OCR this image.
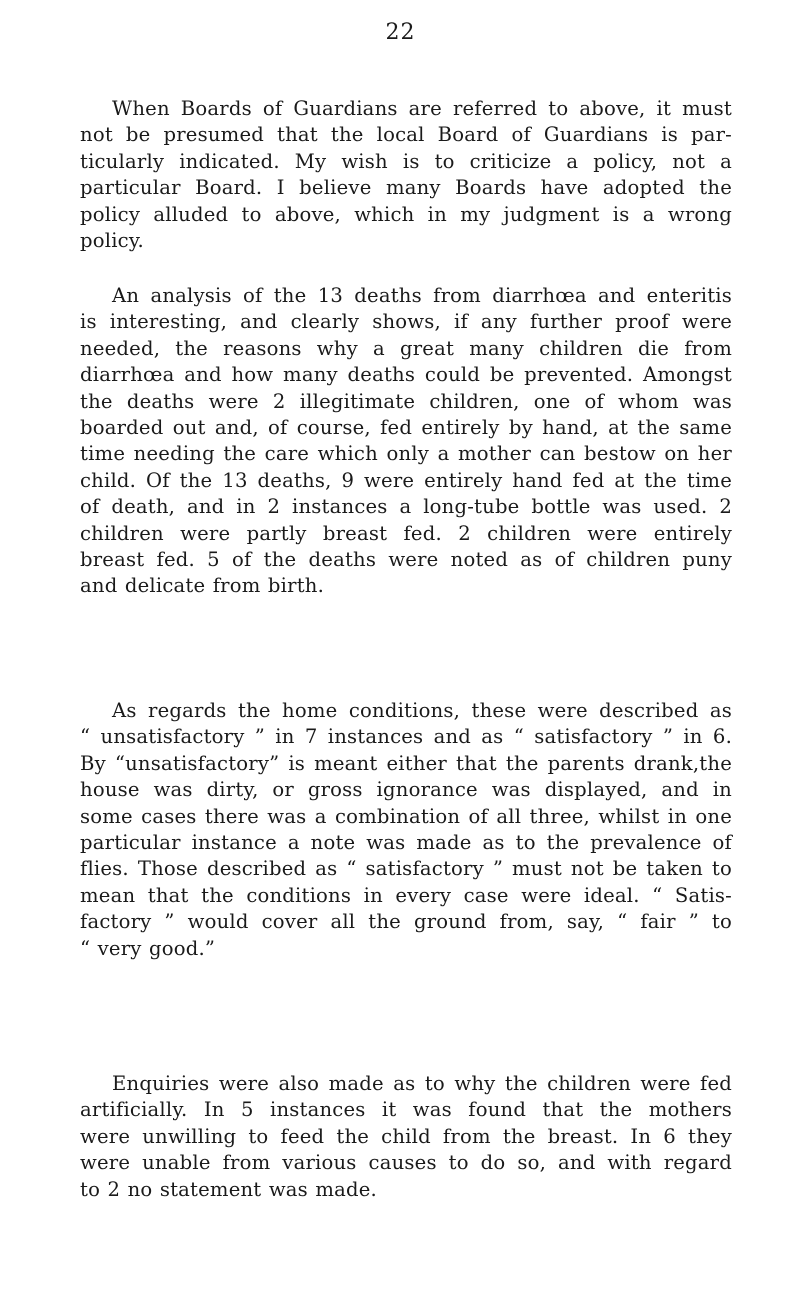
22

When Boards of Guardians are referred to above, it must
not be presumed that the local Board of Guardians is par-
ticularly indicated. My wish is to criticize a policy, not a
particular Board. I believe many Boards have adopted the
policy alluded to above, which in my judgment is a wrong
policy.

An analysis of the 13 deaths from diarrhœa and enteritis
is interesting, and clearly shows, if any further proof were
needed, the reasons why a great many children die from
diarrhœa and how many deaths could be prevented. Amongst
the deaths were 2 illegitimate children, one of whom was
boarded out and, of course, fed entirely by hand, at the same
time needing the care which only a mother can bestow on her
child. Of the 13 deaths, 9 were entirely hand fed at the time
of death, and in 2 instances a long-tube bottle was used. 2
children were partly breast fed. 2 children were entirely
breast fed. 5 of the deaths were noted as of children puny
and delicate from birth.

As regards the home conditions, these were described as
“ unsatisfactory ” in 7 instances and as “ satisfactory ” in 6.
By “unsatisfactory” is meant either that the parents drank,the
house was dirty, or gross ignorance was displayed, and in
some cases there was a combination of all three, whilst in one
particular instance a note was made as to the prevalence of
flies. Those described as “ satisfactory ” must not be taken to
mean that the conditions in every case were ideal. “ Satis-
factory ” would cover all the ground from, say, “ fair ” to
“ very good.”

Enquiries were also made as to why the children were fed
artificially. In 5 instances it was found that the mothers
were unwilling to feed the child from the breast. In 6 they
were unable from various causes to do so, and with regard
to 2 no statement was made.
